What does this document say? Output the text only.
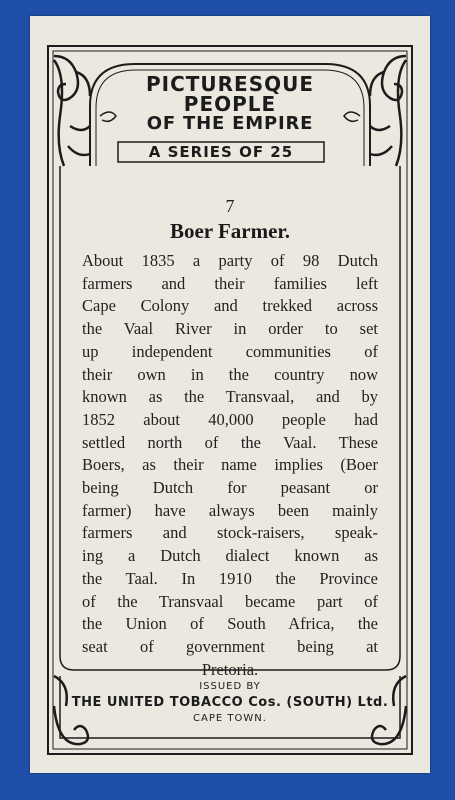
PICTURESQUE
PEOPLE
OF THE EMPIRE
A SERIES OF 25
7
Boer Farmer.
About 1835 a party of 98 Dutch
farmers and their families left
Cape Colony and trekked across
the Vaal River in order to set
up independent communities of
their own in the country now
known as the Transvaal, and by
1852 about 40,000 people had
settled north of the Vaal. These
Boers, as their name implies (Boer
being Dutch for peasant or
farmer) have always been mainly
farmers and stock-raisers, speak-
ing a Dutch dialect known as
the Taal. In 1910 the Province
of the Transvaal became part of
the Union of South Africa, the
seat of government being at
Pretoria.
ISSUED BY
THE UNITED TOBACCO Cos. (SOUTH) Ltd.
CAPE TOWN.
